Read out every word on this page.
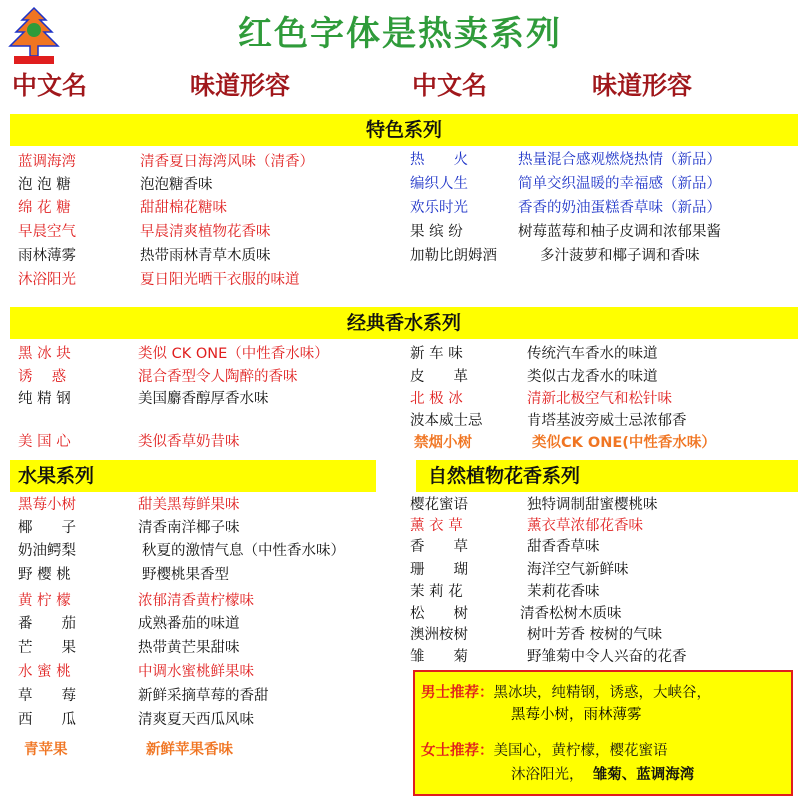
红色字体是热卖系列
中文名	味道形容	中文名	味道形容
特色系列
经典香水系列
水果系列	自然植物花香系列
蓝调海湾	清香夏日海湾风味（清香）
泡 泡 糖	泡泡糖香味
绵 花 糖	甜甜棉花糖味
早晨空气	早晨清爽植物花香味
雨林薄雾	热带雨林青草木质味
沐浴阳光	夏日阳光晒干衣服的味道
热　　火	热量混合感观燃烧热情（新品）
编织人生	简单交织温暖的幸福感（新品）
欢乐时光	香香的奶油蛋糕香草味（新品）
果 缤 纷	树莓蓝莓和柚子皮调和浓郁果酱
加勒比朗姆酒	多汁菠萝和椰子调和香味
黑 冰 块	类似 CK ONE（中性香水味）
诱　 惑	混合香型令人陶醉的香味
纯 精 钢	美国麝香醇厚香水味
美 国 心	类似香草奶昔味
新 车 味	传统汽车香水的味道
皮　　革	类似古龙香水的味道
北 极 冰	清新北极空气和松针味
波本威士忌	肯塔基波旁威士忌浓郁香
禁烟小树	类似CK ONE(中性香水味）
黑莓小树	甜美黑莓鲜果味
椰　　子	清香南洋椰子味
奶油鳄梨	秋夏的激情气息（中性香水味）
野 樱 桃	野樱桃果香型
黄 柠 檬	浓郁清香黄柠檬味
番　　茄	成熟番茄的味道
芒　　果	热带黄芒果甜味
水 蜜 桃	中调水蜜桃鲜果味
草　　莓	新鲜采摘草莓的香甜
西　　瓜	清爽夏天西瓜风味
青苹果	新鲜苹果香味
樱花蜜语	独特调制甜蜜樱桃味
薰 衣 草	薰衣草浓郁花香味
香　　草	甜香香草味
珊　　瑚	海洋空气新鲜味
茉 莉 花	茉莉花香味
松　　树	清香松树木质味
澳洲桉树	树叶芳香 桉树的气味
雏　　菊	野雏菊中令人兴奋的花香
男士推荐：黑冰块，纯精钢，诱惑，大峡谷，
黑莓小树，雨林薄雾
女士推荐：美国心，黄柠檬，樱花蜜语
沐浴阳光， 雏菊、蓝调海湾
